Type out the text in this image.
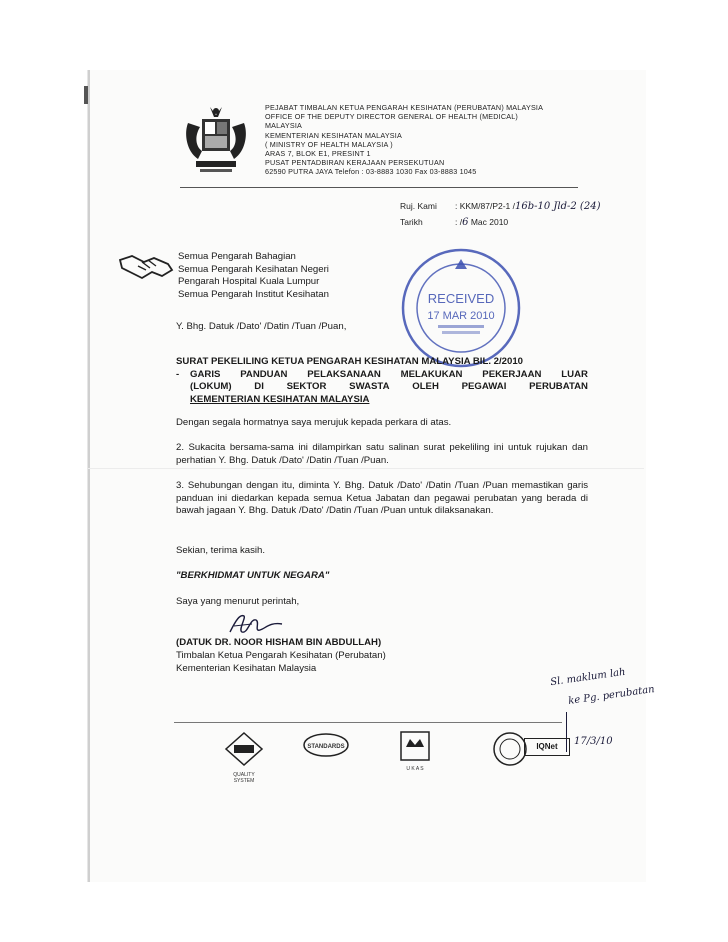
PEJABAT TIMBALAN KETUA PENGARAH KESIHATAN (PERUBATAN) MALAYSIA
OFFICE OF THE DEPUTY DIRECTOR GENERAL OF HEALTH (MEDICAL)
MALAYSIA
KEMENTERIAN KESIHATAN MALAYSIA
( MINISTRY OF HEALTH MALAYSIA )
ARAS 7, BLOK E1, PRESINT 1
PUSAT PENTADBIRAN KERAJAAN PERSEKUTUAN
62590 PUTRA JAYA Telefon : 03-8883 1030 Fax 03-8883 1045
Ruj. Kami : KKM/87/P2-1 /16b-10 Jld-2 (24)
Tarikh	: /6 Mac 2010
Semua Pengarah Bahagian
Semua Pengarah Kesihatan Negeri
Pengarah Hospital Kuala Lumpur
Semua Pengarah Institut Kesihatan	RECEIVED
17 MAR 2010
Y. Bhg. Datuk /Dato' /Datin /Tuan /Puan,
SURAT PEKELILING KETUA PENGARAH KESIHATAN MALAYSIA BIL. 2/2010
-	GARIS PANDUAN PELAKSANAAN MELAKUKAN PEKERJAAN LUAR
(LOKUM) DI SEKTOR SWASTA OLEH PEGAWAI PERUBATAN
KEMENTERIAN KESIHATAN MALAYSIA
Dengan segala hormatnya saya merujuk kepada perkara di atas.
2. Sukacita bersama-sama ini dilampirkan satu salinan surat pekeliling ini untuk rujukan dan perhatian Y. Bhg. Datuk /Dato' /Datin /Tuan /Puan.
3. Sehubungan dengan itu, diminta Y. Bhg. Datuk /Dato' /Datin /Tuan /Puan memastikan garis panduan ini diedarkan kepada semua Ketua Jabatan dan pegawai perubatan yang berada di bawah jagaan Y. Bhg. Datuk /Dato' /Datin /Tuan /Puan untuk dilaksanakan.
Sekian, terima kasih.
"BERKHIDMAT UNTUK NEGARA"
Saya yang menurut perintah,
(DATUK DR. NOOR HISHAM BIN ABDULLAH)
Timbalan Ketua Pengarah Kesihatan (Perubatan)
Kementerian Kesihatan Malaysia	Sl. maklum lah
ke Pg. perubatan
17/3/10
QUALITY SYSTEM
STANDARDS
U K A S
IQNet
